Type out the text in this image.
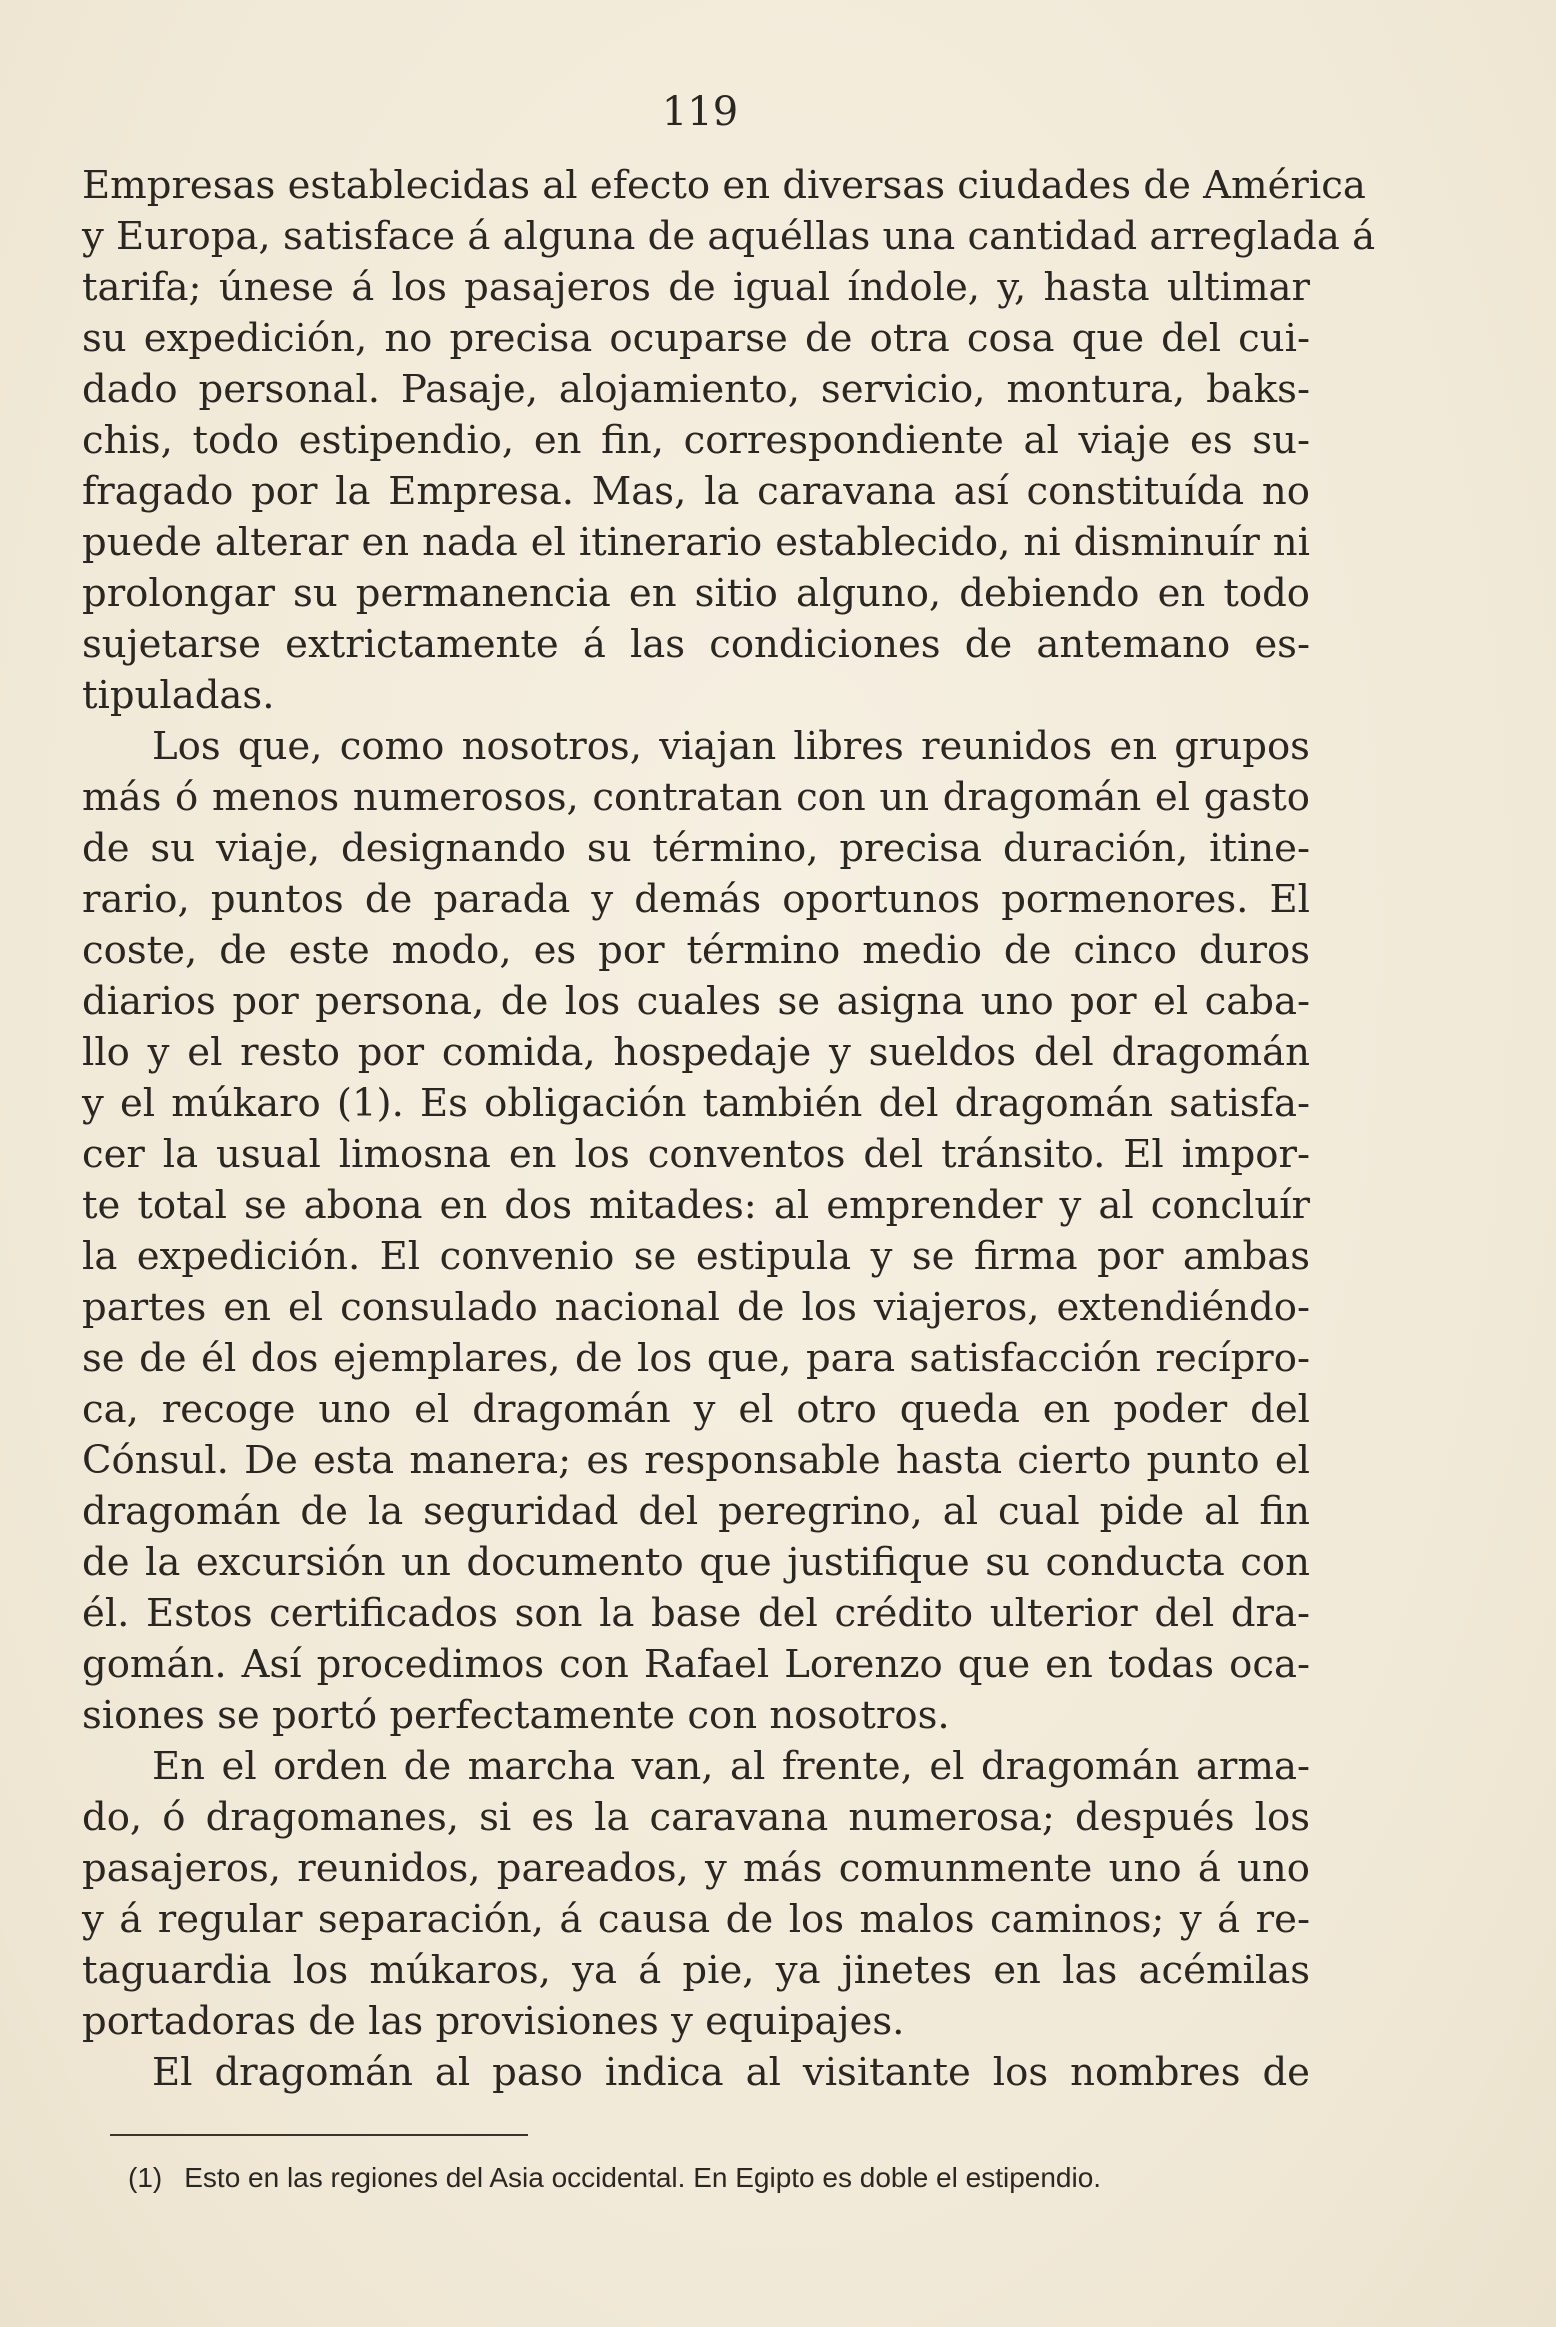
119
Empresas establecidas al efecto en diversas ciudades de América
y Europa, satisface á alguna de aquéllas una cantidad arreglada á
tarifa; únese á los pasajeros de igual índole, y, hasta ultimar
su expedición, no precisa ocuparse de otra cosa que del cui-
dado personal. Pasaje, alojamiento, servicio, montura, baks-
chis, todo estipendio, en fin, correspondiente al viaje es su-
fragado por la Empresa. Mas, la caravana así constituída no
puede alterar en nada el itinerario establecido, ni disminuír ni
prolongar su permanencia en sitio alguno, debiendo en todo
sujetarse extrictamente á las condiciones de antemano es-
tipuladas.
Los que, como nosotros, viajan libres reunidos en grupos
más ó menos numerosos, contratan con un dragomán el gasto
de su viaje, designando su término, precisa duración, itine-
rario, puntos de parada y demás oportunos pormenores. El
coste, de este modo, es por término medio de cinco duros
diarios por persona, de los cuales se asigna uno por el caba-
llo y el resto por comida, hospedaje y sueldos del dragomán
y el múkaro (1). Es obligación también del dragomán satisfa-
cer la usual limosna en los conventos del tránsito. El impor-
te total se abona en dos mitades: al emprender y al concluír
la expedición. El convenio se estipula y se firma por ambas
partes en el consulado nacional de los viajeros, extendiéndo-
se de él dos ejemplares, de los que, para satisfacción recípro-
ca, recoge uno el dragomán y el otro queda en poder del
Cónsul. De esta manera; es responsable hasta cierto punto el
dragomán de la seguridad del peregrino, al cual pide al fin
de la excursión un documento que justifique su conducta con
él. Estos certificados son la base del crédito ulterior del dra-
gomán. Así procedimos con Rafael Lorenzo que en todas oca-
siones se portó perfectamente con nosotros.
En el orden de marcha van, al frente, el dragomán arma-
do, ó dragomanes, si es la caravana numerosa; después los
pasajeros, reunidos, pareados, y más comunmente uno á uno
y á regular separación, á causa de los malos caminos; y á re-
taguardia los múkaros, ya á pie, ya jinetes en las acémilas
portadoras de las provisiones y equipajes.
El dragomán al paso indica al visitante los nombres de
(1) Esto en las regiones del Asia occidental. En Egipto es doble el estipendio.
